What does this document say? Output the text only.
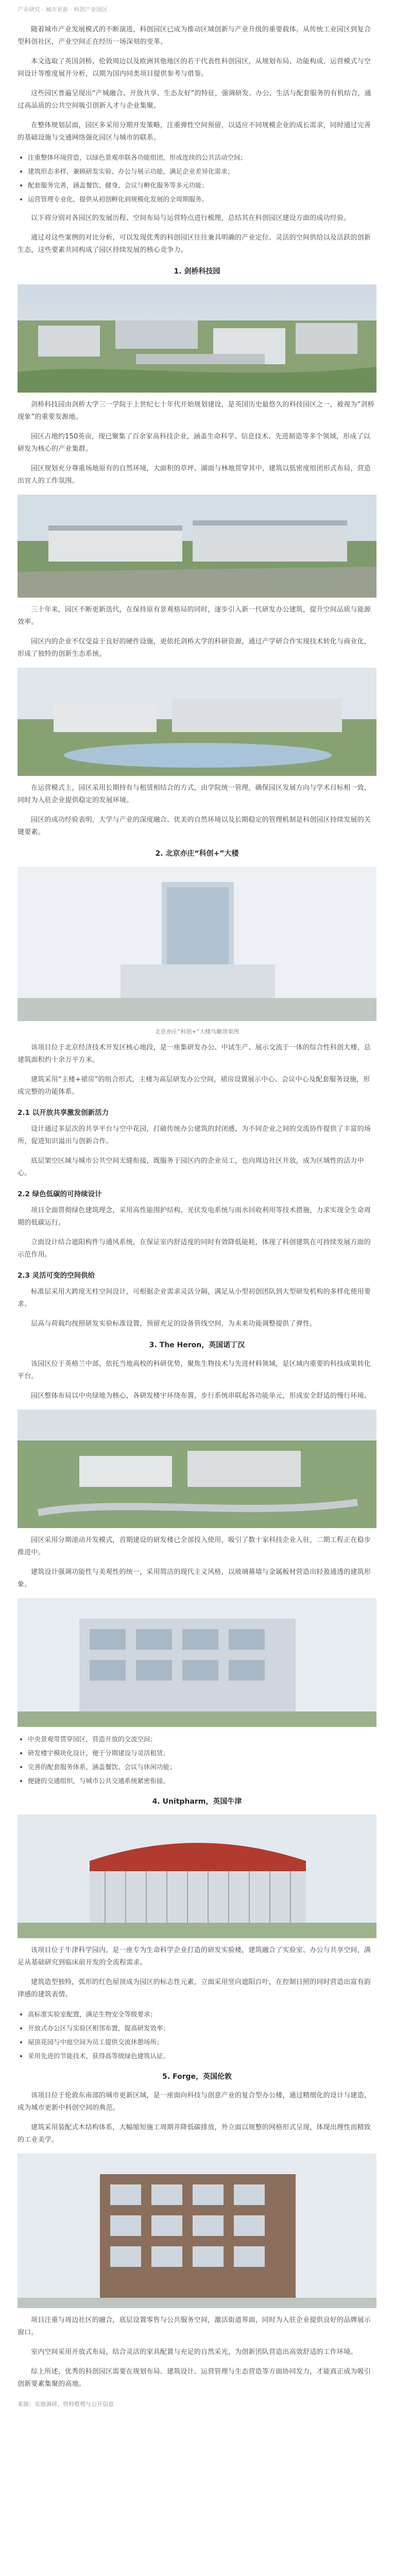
产业研究 · 城市更新 · 科创产业园区

随着城市产业发展模式的不断演进，科创园区已成为推动区域创新与产业升级的重要载体。从传统工业园区到复合型科创社区，产业空间正在经历一场深刻的变革。

本文选取了英国剑桥、伦敦周边以及欧洲其他地区的若干代表性科创园区，从规划布局、功能构成、运营模式与空间设计等维度展开分析，以期为国内同类项目提供参考与借鉴。

这些园区普遍呈现出“产城融合、开放共享、生态友好”的特征，强调研发、办公、生活与配套服务的有机结合，通过高品质的公共空间吸引创新人才与企业集聚。

在整体规划层面，园区多采用分期开发策略，注重弹性空间预留，以适应不同规模企业的成长需求，同时通过完善的基础设施与交通网络强化园区与城市的联系。

• 注重整体环境营造，以绿色景观串联各功能组团，形成连续的公共活动空间；
• 建筑形态多样，兼顾研发实验、办公与展示功能，满足企业差异化需求；
• 配套服务完善，涵盖餐饮、健身、会议与孵化服务等多元功能；
• 运营管理专业化，提供从初创孵化到规模化发展的全周期服务。

以下将分别对各园区的发展历程、空间布局与运营特点进行梳理，总结其在科创园区建设方面的成功经验。

通过对这些案例的对比分析，可以发现优秀的科创园区往往兼具明确的产业定位、灵活的空间供给以及活跃的创新生态，这些要素共同构成了园区持续发展的核心竞争力。

1. 剑桥科技园

剑桥科技园由剑桥大学三一学院于上世纪七十年代开始规划建设，是英国历史最悠久的科技园区之一，被视为“剑桥现象”的重要发源地。

园区占地约150英亩，现已聚集了百余家高科技企业，涵盖生命科学、信息技术、先进制造等多个领域，形成了以研发为核心的产业集群。

园区规划充分尊重场地原有的自然环境，大面积的草坪、湖面与林地贯穿其中，建筑以低密度组团形式布局，营造出宜人的工作氛围。

三十年来，园区不断更新迭代，在保持原有景观格局的同时，逐步引入新一代研发办公建筑，提升空间品质与能源效率。

园区内的企业不仅受益于良好的硬件设施，更依托剑桥大学的科研资源，通过产学研合作实现技术转化与商业化，形成了独特的创新生态系统。

在运营模式上，园区采用长期持有与租赁相结合的方式，由学院统一管理，确保园区发展方向与学术目标相一致，同时为入驻企业提供稳定的发展环境。

园区的成功经验表明，大学与产业的深度融合、优美的自然环境以及长期稳定的管理机制是科创园区持续发展的关键要素。

2. 北京亦庄“科创+”大楼
北京亦庄“科创+”大楼鸟瞰效果图

该项目位于北京经济技术开发区核心地段，是一座集研发办公、中试生产、展示交流于一体的综合性科创大楼，总建筑面积约十余万平方米。

建筑采用“主楼+裙房”的组合形式，主楼为高层研发办公空间，裙房设置展示中心、会议中心及配套服务设施，形成完整的功能体系。

2.1 以开放共享激发创新活力

设计通过多层次的共享平台与空中花园，打破传统办公建筑的封闭感，为不同企业之间的交流协作提供了丰富的场所，促进知识溢出与创新合作。

底层架空区域与城市公共空间无缝衔接，既服务于园区内的企业员工，也向周边社区开放，成为区域性的活力中心。

2.2 绿色低碳的可持续设计

项目全面贯彻绿色建筑理念，采用高性能围护结构、光伏发电系统与雨水回收利用等技术措施，力求实现全生命周期的低碳运行。

立面设计结合遮阳构件与通风系统，在保证室内舒适度的同时有效降低能耗，体现了科创建筑在可持续发展方面的示范作用。

2.3 灵活可变的空间供给

标准层采用大跨度无柱空间设计，可根据企业需求灵活分隔，满足从小型初创团队到大型研发机构的多样化使用要求。

层高与荷载均按照研发实验标准设置，预留充足的设备管线空间，为未来功能调整提供了弹性。

3. The Heron，英国诺丁汉

该园区位于英格兰中部，依托当地高校的科研优势，聚焦生物技术与先进材料领域，是区域内重要的科技成果转化平台。

园区整体布局以中央绿地为核心，各研发楼宇环绕布置，步行系统串联起各功能单元，形成安全舒适的慢行环境。

园区采用分期滚动开发模式，首期建设的研发楼已全部投入使用，吸引了数十家科技企业入驻，二期工程正在稳步推进中。

建筑设计强调功能性与美观性的统一，采用简洁的现代主义风格，以玻璃幕墙与金属板材营造出轻盈通透的建筑形象。

• 中央景观带贯穿园区，营造开放的交流空间；
• 研发楼宇模块化设计，便于分期建设与灵活租赁；
• 完善的配套服务体系，涵盖餐饮、会议与休闲功能；
• 便捷的交通组织，与城市公共交通系统紧密衔接。
4. Unitpharm，英国牛津

该项目位于牛津科学园内，是一座专为生命科学企业打造的研发实验楼，建筑融合了实验室、办公与共享空间，满足从基础研究到临床前开发的全流程需求。

建筑造型独特，弧形的红色屋顶成为园区的标志性元素，立面采用竖向遮阳百叶，在控制日照的同时营造出富有韵律感的建筑表情。

• 高标准实验室配置，满足生物安全等级要求；
• 开放式办公区与实验区相邻布置，提高研发效率；
• 屋顶花园与中庭空间为员工提供交流休憩场所；
• 采用先进的节能技术，获得高等级绿色建筑认证。
5. Forge，英国伦敦

该项目位于伦敦东南部的城市更新区域，是一座面向科技与创意产业的复合型办公楼，通过精细化的设计与建造，成为城市更新中科创空间的典范。

建筑采用装配式木结构体系，大幅缩短施工周期并降低碳排放，外立面以规整的网格形式呈现，体现出理性而精致的工业美学。

项目注重与周边社区的融合，底层设置零售与公共服务空间，激活街道界面，同时为入驻企业提供良好的品牌展示窗口。

室内空间采用开放式布局，结合灵活的家具配置与充足的自然采光，为创新团队营造出高效舒适的工作环境。

综上所述，优秀的科创园区需要在规划布局、建筑设计、运营管理与生态营造等方面协同发力，才能真正成为吸引创新要素集聚的高地。

来源：实地调研、资料整理与公开信息
